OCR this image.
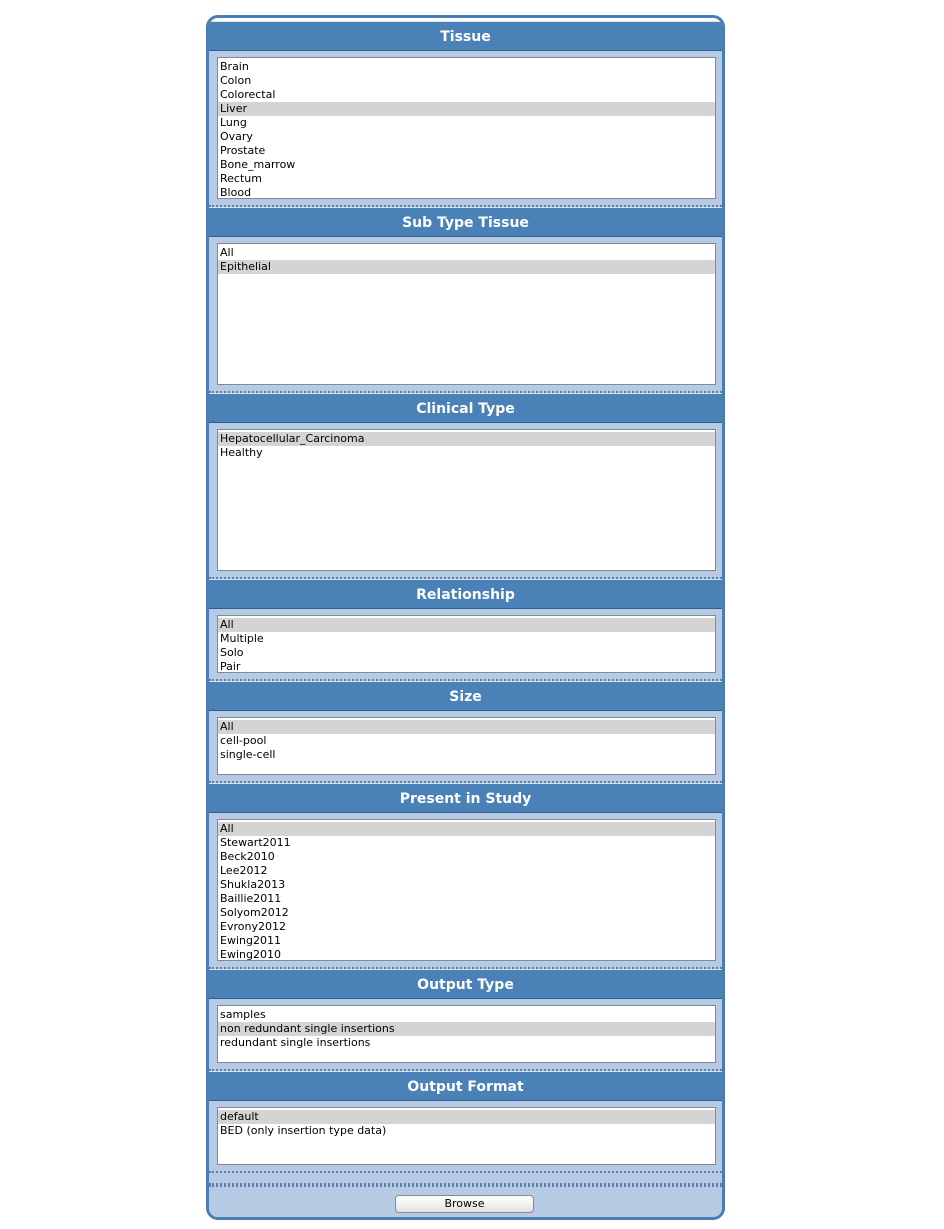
Tissue
Brain
Colon
Colorectal
Liver
Lung
Ovary
Prostate
Bone_marrow
Rectum
Blood
Sub Type Tissue
All
Epithelial
Clinical Type
Hepatocellular_Carcinoma
Healthy
Relationship
All
Multiple
Solo
Pair
Size
All
cell-pool
single-cell
Present in Study
All
Stewart2011
Beck2010
Lee2012
Shukla2013
Baillie2011
Solyom2012
Evrony2012
Ewing2011
Ewing2010
Output Type
samples
non redundant single insertions
redundant single insertions
Output Format
default
BED (only insertion type data)
Browse
